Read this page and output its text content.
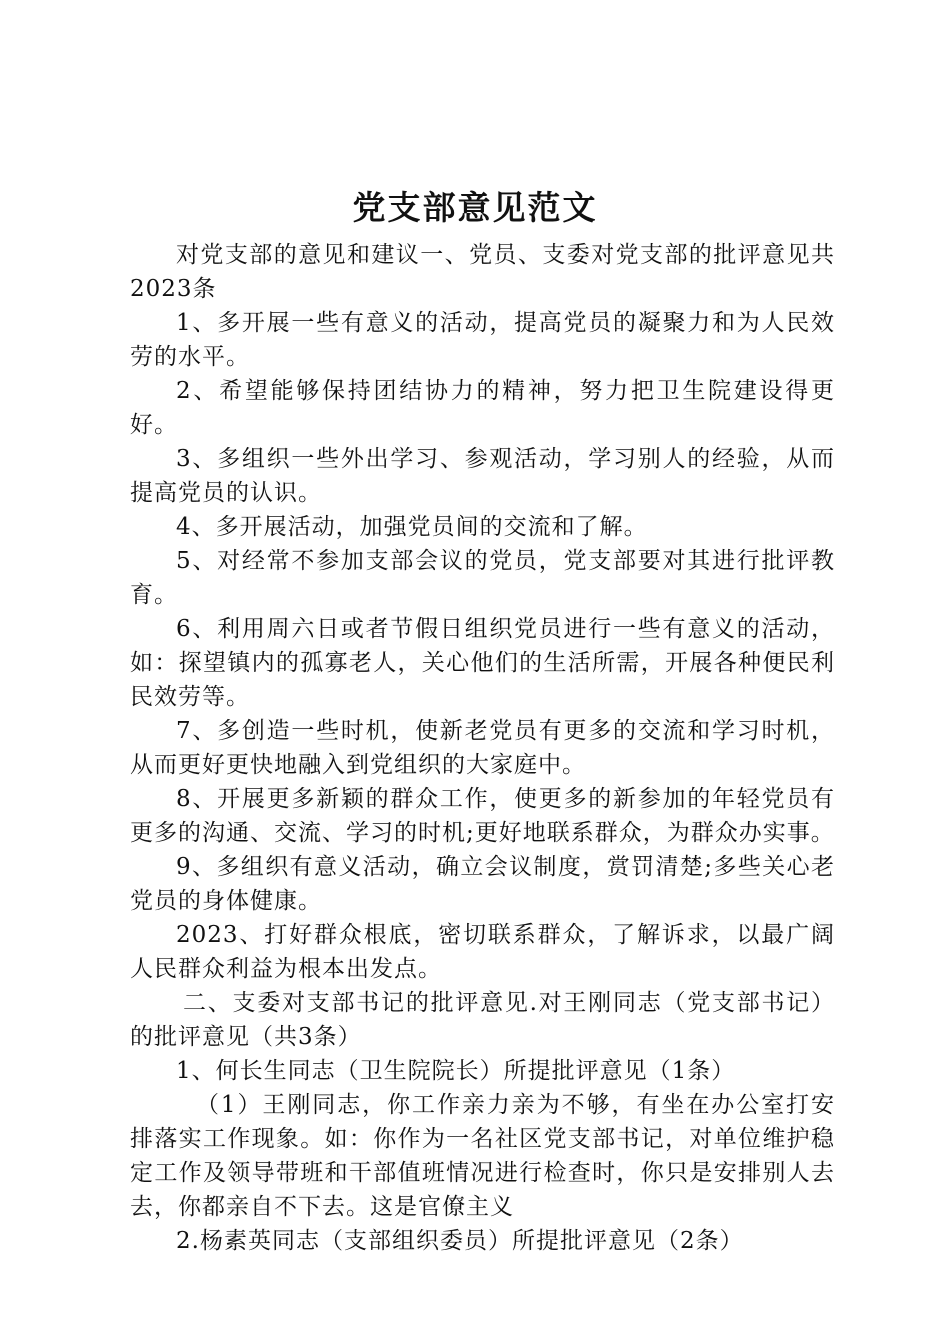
党支部意见范文

对党支部的意见和建议一、党员、支委对党支部的批评意见共2023条

1、多开展一些有意义的活动，提高党员的凝聚力和为人民效劳的水平。

2、希望能够保持团结协力的精神，努力把卫生院建设得更好。

3、多组织一些外出学习、参观活动，学习别人的经验，从而提高党员的认识。

4、多开展活动，加强党员间的交流和了解。

5、对经常不参加支部会议的党员，党支部要对其进行批评教育。

6、利用周六日或者节假日组织党员进行一些有意义的活动，如：探望镇内的孤寡老人，关心他们的生活所需，开展各种便民利民效劳等。

7、多创造一些时机，使新老党员有更多的交流和学习时机，从而更好更快地融入到党组织的大家庭中。

8、开展更多新颖的群众工作，使更多的新参加的年轻党员有更多的沟通、交流、学习的时机;更好地联系群众，为群众办实事。

9、多组织有意义活动，确立会议制度，赏罚清楚;多些关心老党员的身体健康。

2023、打好群众根底，密切联系群众，了解诉求，以最广阔人民群众利益为根本出发点。

二、支委对支部书记的批评意见.对王刚同志（党支部书记）的批评意见（共3条）

1、何长生同志（卫生院院长）所提批评意见（1条）

（1）王刚同志，你工作亲力亲为不够，有坐在办公室打安排落实工作现象。如：你作为一名社区党支部书记，对单位维护稳定工作及领导带班和干部值班情况进行检查时，你只是安排别人去去，你都亲自不下去。这是官僚主义

2.杨素英同志（支部组织委员）所提批评意见（2条）
